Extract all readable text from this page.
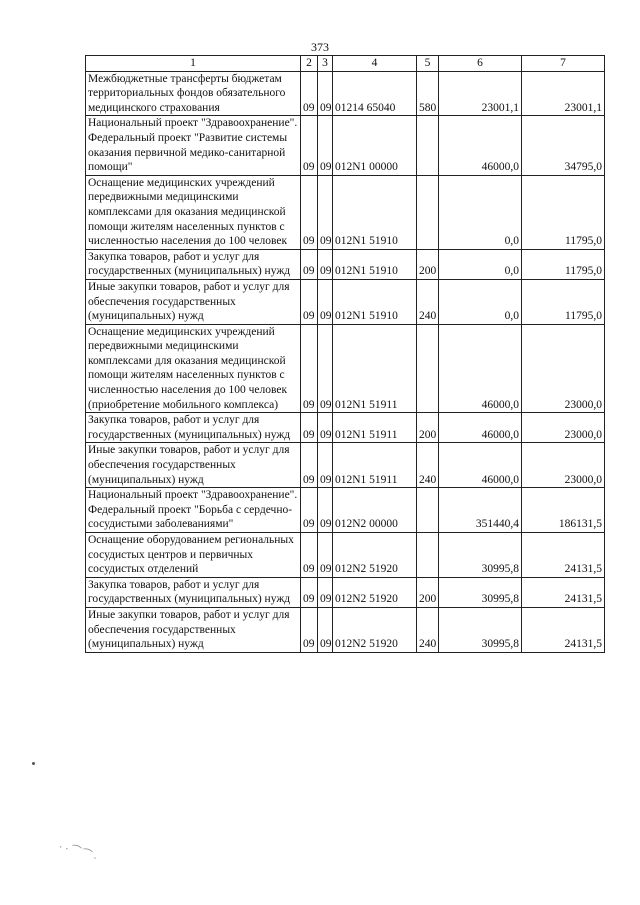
373
1	2	3	4	5	6	7
Межбюджетные трансферты бюджетам территориальных фондов обязательного медицинского страхования	09	09	01214 65040	580	23001,1	23001,1
Национальный проект "Здравоохранение". Федеральный проект "Развитие системы оказания первичной медико-санитарной помощи"	09	09	012N1 00000		46000,0	34795,0
Оснащение медицинских учреждений передвижными медицинскими комплексами для оказания медицинской помощи жителям населенных пунктов с численностью населения до 100 человек	09	09	012N1 51910		0,0	11795,0
Закупка товаров, работ и услуг для государственных (муниципальных) нужд	09	09	012N1 51910	200	0,0	11795,0
Иные закупки товаров, работ и услуг для обеспечения государственных (муниципальных) нужд	09	09	012N1 51910	240	0,0	11795,0
Оснащение медицинских учреждений передвижными медицинскими комплексами для оказания медицинской помощи жителям населенных пунктов с численностью населения до 100 человек (приобретение мобильного комплекса)	09	09	012N1 51911		46000,0	23000,0
Закупка товаров, работ и услуг для государственных (муниципальных) нужд	09	09	012N1 51911	200	46000,0	23000,0
Иные закупки товаров, работ и услуг для обеспечения государственных (муниципальных) нужд	09	09	012N1 51911	240	46000,0	23000,0
Национальный проект "Здравоохранение". Федеральный проект "Борьба с сердечно-сосудистыми заболеваниями"	09	09	012N2 00000		351440,4	186131,5
Оснащение оборудованием региональных сосудистых центров и первичных сосудистых отделений	09	09	012N2 51920		30995,8	24131,5
Закупка товаров, работ и услуг для государственных (муниципальных) нужд	09	09	012N2 51920	200	30995,8	24131,5
Иные закупки товаров, работ и услуг для обеспечения государственных (муниципальных) нужд	09	09	012N2 51920	240	30995,8	24131,5
· · ⁀ ⁀ ·
